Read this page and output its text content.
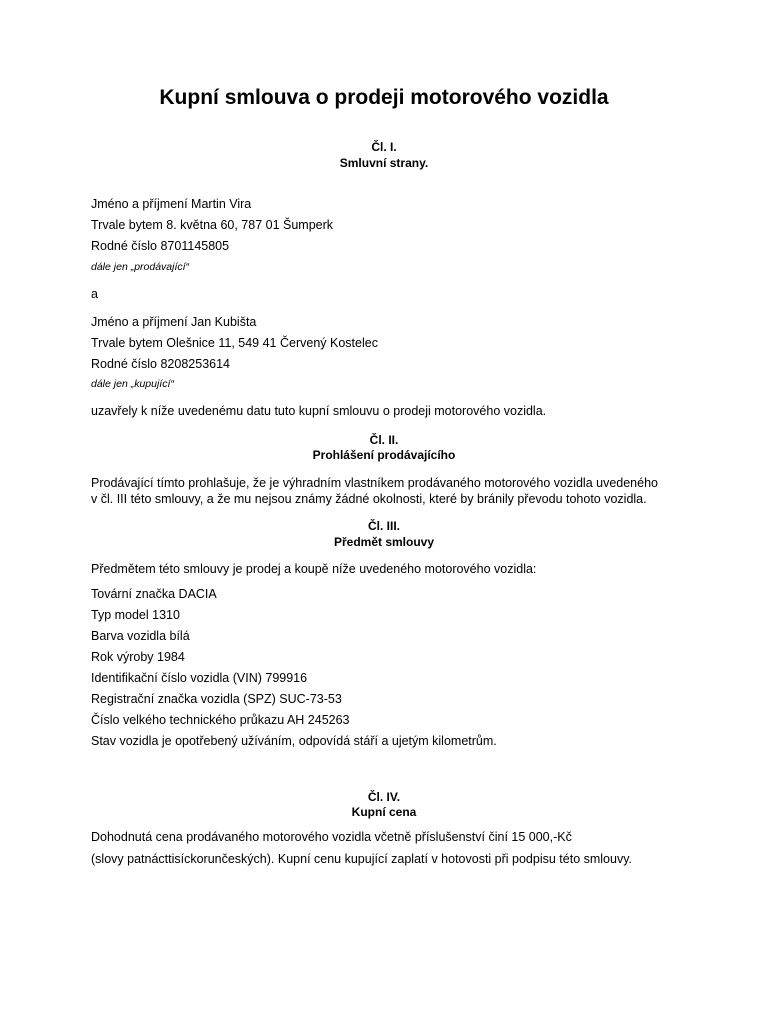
Kupní smlouva o prodeji motorového vozidla
Čl. I.
Smluvní strany.
Jméno a příjmení Martin Vira
Trvale bytem 8. května 60, 787 01 Šumperk
Rodné číslo 8701145805
dále jen „prodávající“
a
Jméno a příjmení Jan Kubišta
Trvale bytem Olešnice 11, 549 41 Červený Kostelec
Rodné číslo 8208253614
dále jen „kupující“
uzavřely k níže uvedenému datu tuto kupní smlouvu o prodeji motorového vozidla.
Čl. II.
Prohlášení prodávajícího
Prodávající tímto prohlašuje, že je výhradním vlastníkem prodávaného motorového vozidla uvedeného
v čl. III této smlouvy, a že mu nejsou známy žádné okolnosti, které by bránily převodu tohoto vozidla.
Čl. III.
Předmět smlouvy
Předmětem této smlouvy je prodej a koupě níže uvedeného motorového vozidla:
Tovární značka DACIA
Typ model 1310
Barva vozidla bílá
Rok výroby 1984
Identifikační číslo vozidla (VIN) 799916
Registrační značka vozidla (SPZ) SUC-73-53
Číslo velkého technického průkazu AH 245263
Stav vozidla je opotřebený užíváním, odpovídá stáří a ujetým kilometrům.
Čl. IV.
Kupní cena
Dohodnutá cena prodávaného motorového vozidla včetně příslušenství činí 15 000,-Kč
(slovy patnácttisíckorunčeských). Kupní cenu kupující zaplatí v hotovosti při podpisu této smlouvy.
